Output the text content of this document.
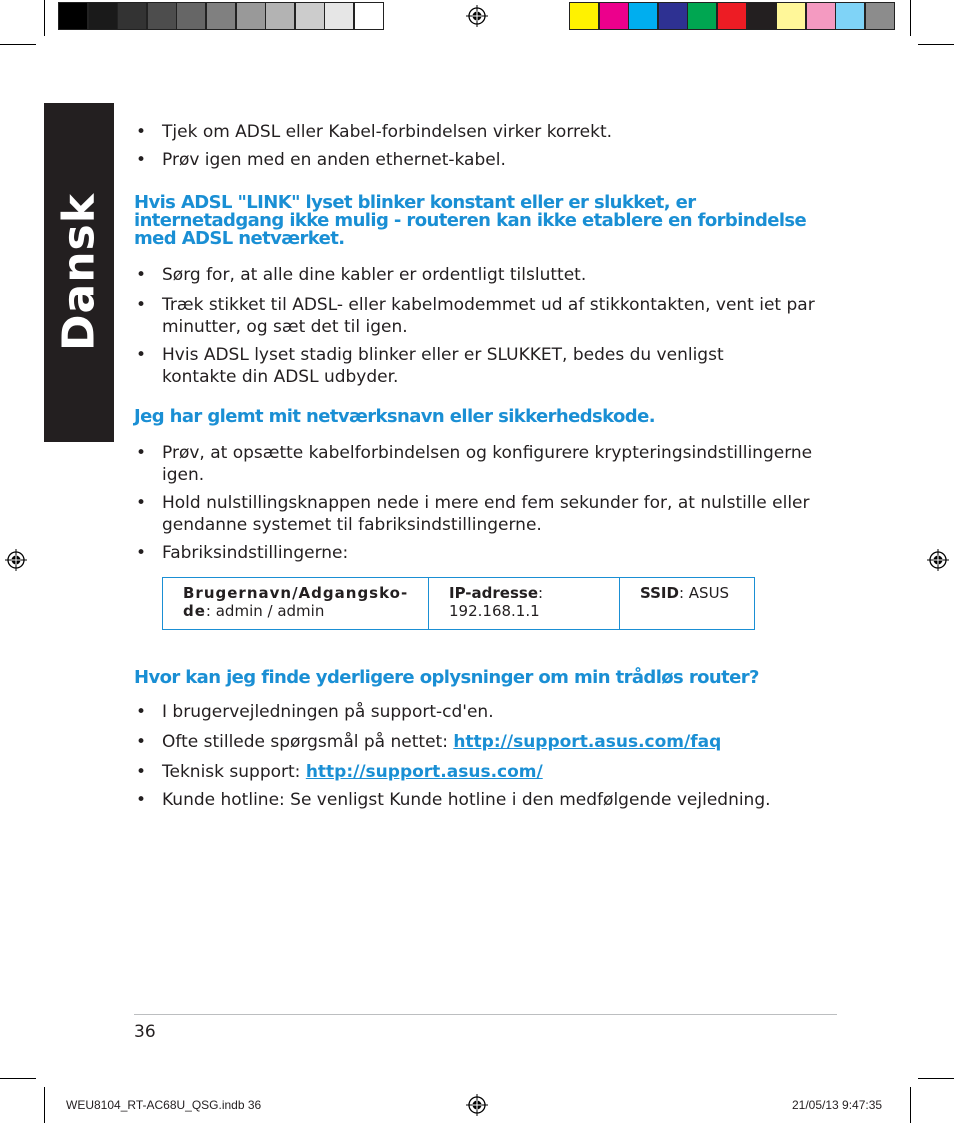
Dansk
• Tjek om ADSL eller Kabel-forbindelsen virker korrekt.
• Prøv igen med en anden ethernet-kabel.
Hvis ADSL "LINK" lyset blinker konstant eller er slukket, er internetadgang ikke mulig - routeren kan ikke etablere en forbindelse med ADSL netværket.
• Sørg for, at alle dine kabler er ordentligt tilsluttet.
• Træk stikket til ADSL- eller kabelmodemmet ud af stikkontakten, vent iet par minutter, og sæt det til igen.
• Hvis ADSL lyset stadig blinker eller er SLUKKET, bedes du venligst kontakte din ADSL udbyder.
Jeg har glemt mit netværksnavn eller sikkerhedskode.
• Prøv, at opsætte kabelforbindelsen og konfigurere krypteringsindstillingerne igen.
• Hold nulstillingsknappen nede i mere end fem sekunder for, at nulstille eller gendanne systemet til fabriksindstillingerne.
• Fabriksindstillingerne:
Brugernavn/Adgangsko-de: admin / admin	IP-adresse: 192.168.1.1	SSID: ASUS
Hvor kan jeg finde yderligere oplysninger om min trådløs router?
• I brugervejledningen på support-cd'en.
• Ofte stillede spørgsmål på nettet: http://support.asus.com/faq
• Teknisk support: http://support.asus.com/
• Kunde hotline: Se venligst Kunde hotline i den medfølgende vejledning.
36
WEU8104_RT-AC68U_QSG.indb 36	21/05/13 9:47:35
